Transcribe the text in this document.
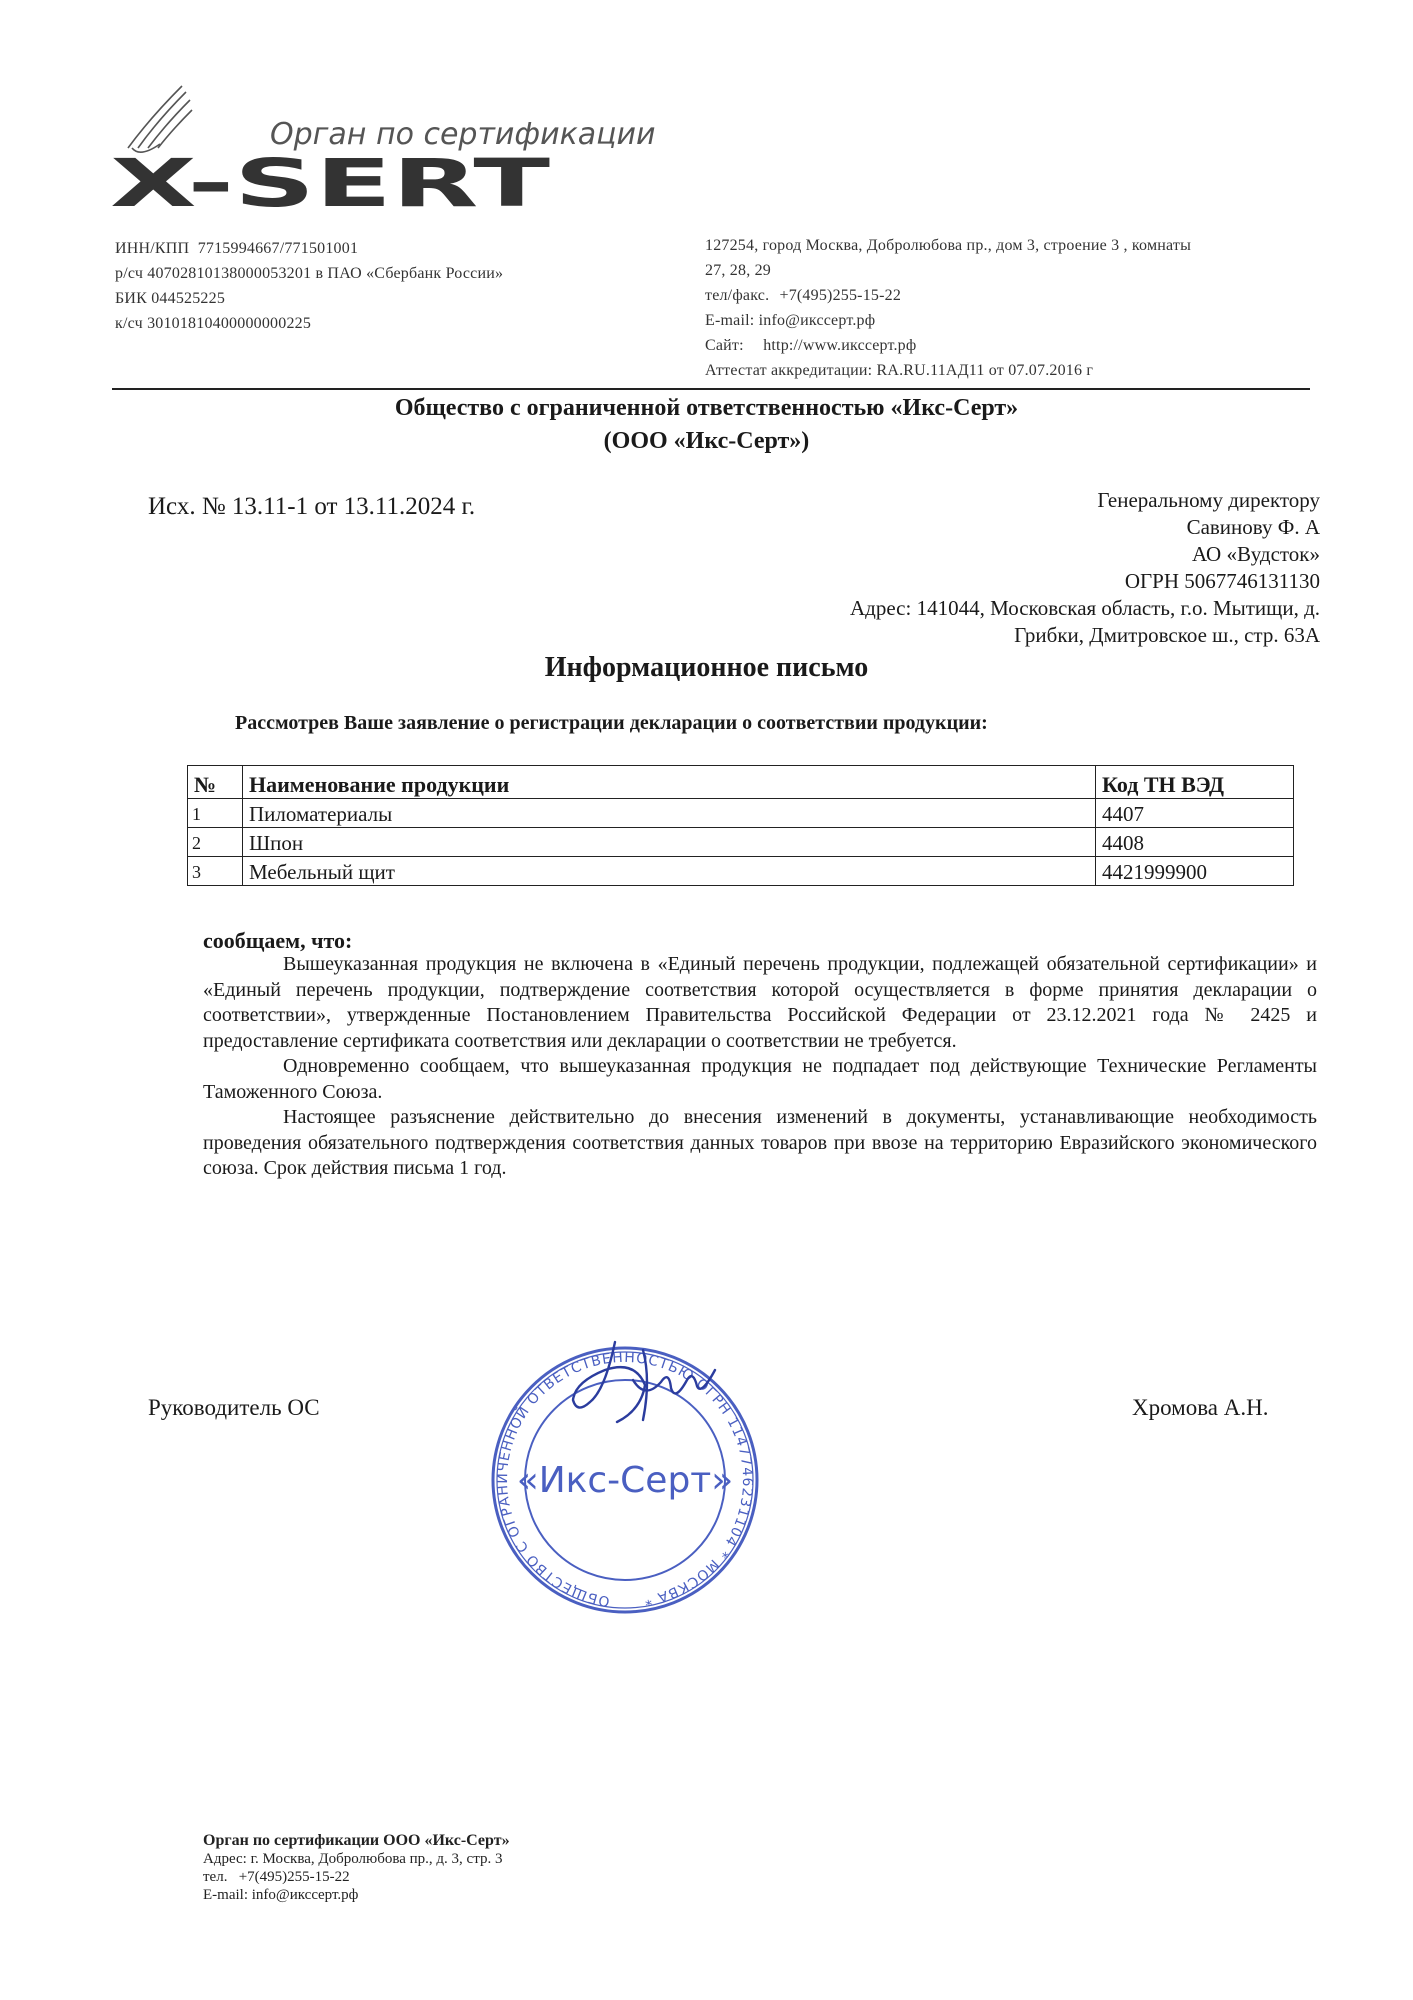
Орган по сертификации
X-SERT
ИНН/КПП 7715994667/771501001
р/сч 40702810138000053201 в ПАО «Сбербанк России»
БИК 044525225
к/сч 30101810400000000225
127254, город Москва, Добролюбова пр., дом 3, строение 3 , комнаты
27, 28, 29
тел/факс. +7(495)255-15-22
E-mail: info@иксcерт.рф
Сайт: http://www.иксcерт.рф
Аттестат аккредитации: RA.RU.11АД11 от 07.07.2016 г
Общество с ограниченной ответственностью «Икс-Серт»
(ООО «Икс-Серт»)
Исх. № 13.11-1 от 13.11.2024 г.	Генеральному директору
Савинову Ф. А
АО «Вудсток»
ОГРН 5067746131130
Адрес: 141044, Московская область, г.о. Мытищи, д.
Грибки, Дмитровское ш., стр. 63А
Информационное письмо
Рассмотрев Ваше заявление о регистрации декларации о соответствии продукции:
№	Наименование продукции	Код ТН ВЭД
1	Пиломатериалы	4407
2	Шпон	4408
3	Мебельный щит	4421999900
сообщаем, что:

Вышеуказанная продукция не включена в «Единый перечень продукции, подлежащей обязательной сертификации» и «Единый перечень продукции, подтверждение соответствия которой осуществляется в форме принятия декларации о соответствии», утвержденные Постановлением Правительства Российской Федерации от 23.12.2021 года № 2425 и предоставление сертификата соответствия или декларации о соответствии не требуется.

Одновременно сообщаем, что вышеуказанная продукция не подпадает под действующие Технические Регламенты Таможенного Союза.

Настоящее разъяснение действительно до внесения изменений в документы, устанавливающие необходимость проведения обязательного подтверждения соответствия данных товаров при ввозе на территорию Евразийского экономического союза. Срок действия письма 1 год.

Руководитель ОС	Хромова А.Н.
ОБЩЕСТВО С ОГРАНИЧЕННОЙ ОТВЕТСТВЕННОСТЬЮ ОГРН 1147746231104 * МОСКВА *
«Икс-Серт»
Орган по сертификации ООО «Икс-Серт»
Адрес: г. Москва, Добролюбова пр., д. 3, стр. 3
тел. +7(495)255-15-22
E-mail: info@иксcерт.рф
